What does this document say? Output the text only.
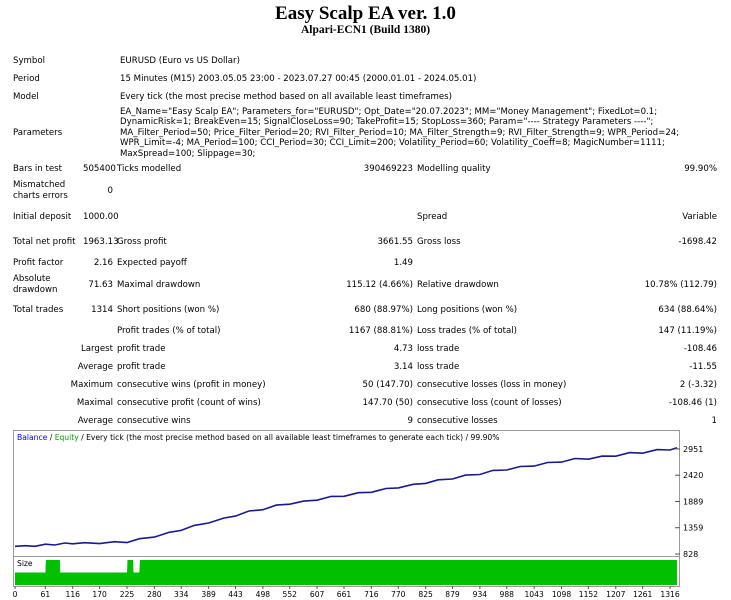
Easy Scalp EA ver. 1.0
Alpari-ECN1 (Build 1380)
Symbol	EURUSD (Euro vs US Dollar)				
Period	15 Minutes (M15) 2003.05.05 23:00 - 2023.07.27 00:45 (2000.01.01 - 2024.05.01)				
Model	Every tick (the most precise method based on all available least timeframes)				
Parameters	EA_Name="Easy Scalp EA"; Parameters_for="EURUSD"; Opt_Date="20.07.2023"; MM="Money Management"; FixedLot=0.1; DynamicRisk=1; BreakEven=15; SignalCloseLoss=90; TakeProfit=15; StopLoss=360; Param="---- Strategy Parameters ----"; MA_Filter_Period=50; Price_Filter_Period=20; RVI_Filter_Period=10; MA_Filter_Strength=9; RVI_Filter_Strength=9; WPR_Period=24; WPR_Limit=-4; MA_Period=100; CCI_Period=30; CCI_Limit=200; Volatility_Period=60; Volatility_Coeff=8; MagicNumber=1111; MaxSpread=100; Slippage=30;				
Bars in test	505400	Ticks modelled	390469223	Modelling quality	99.90%
Mismatched charts errors	0				
Initial deposit	1000.00			Spread	Variable
Total net profit	1963.13	Gross profit	3661.55	Gross loss	-1698.42
Profit factor	2.16	Expected payoff	1.49		
Absolute drawdown	71.63	Maximal drawdown	115.12 (4.66%)	Relative drawdown	10.78% (112.79)
Total trades	1314	Short positions (won %)	680 (88.97%)	Long positions (won %)	634 (88.64%)
		Profit trades (% of total)	1167 (88.81%)	Loss trades (% of total)	147 (11.19%)
Largest		profit trade	4.73	loss trade	-108.46
Average		profit trade	3.14	loss trade	-11.55
Maximum		consecutive wins (profit in money)	50 (147.70)	consecutive losses (loss in money)	2 (-3.32)
Maximal		consecutive profit (count of wins)	147.70 (50)	consecutive loss (count of losses)	-108.46 (1)
Average		consecutive wins	9	consecutive losses	1
Balance / Equity / Every tick (the most precise method based on all available least timeframes to generate each tick) / 99.90%
2951
2420
1889
1359
828
Size
0	61 116 170 225 280 334 389 443 498 552 607 661 716 770 825 879 934 988 1043 1098 1152 1207 1261 1316
